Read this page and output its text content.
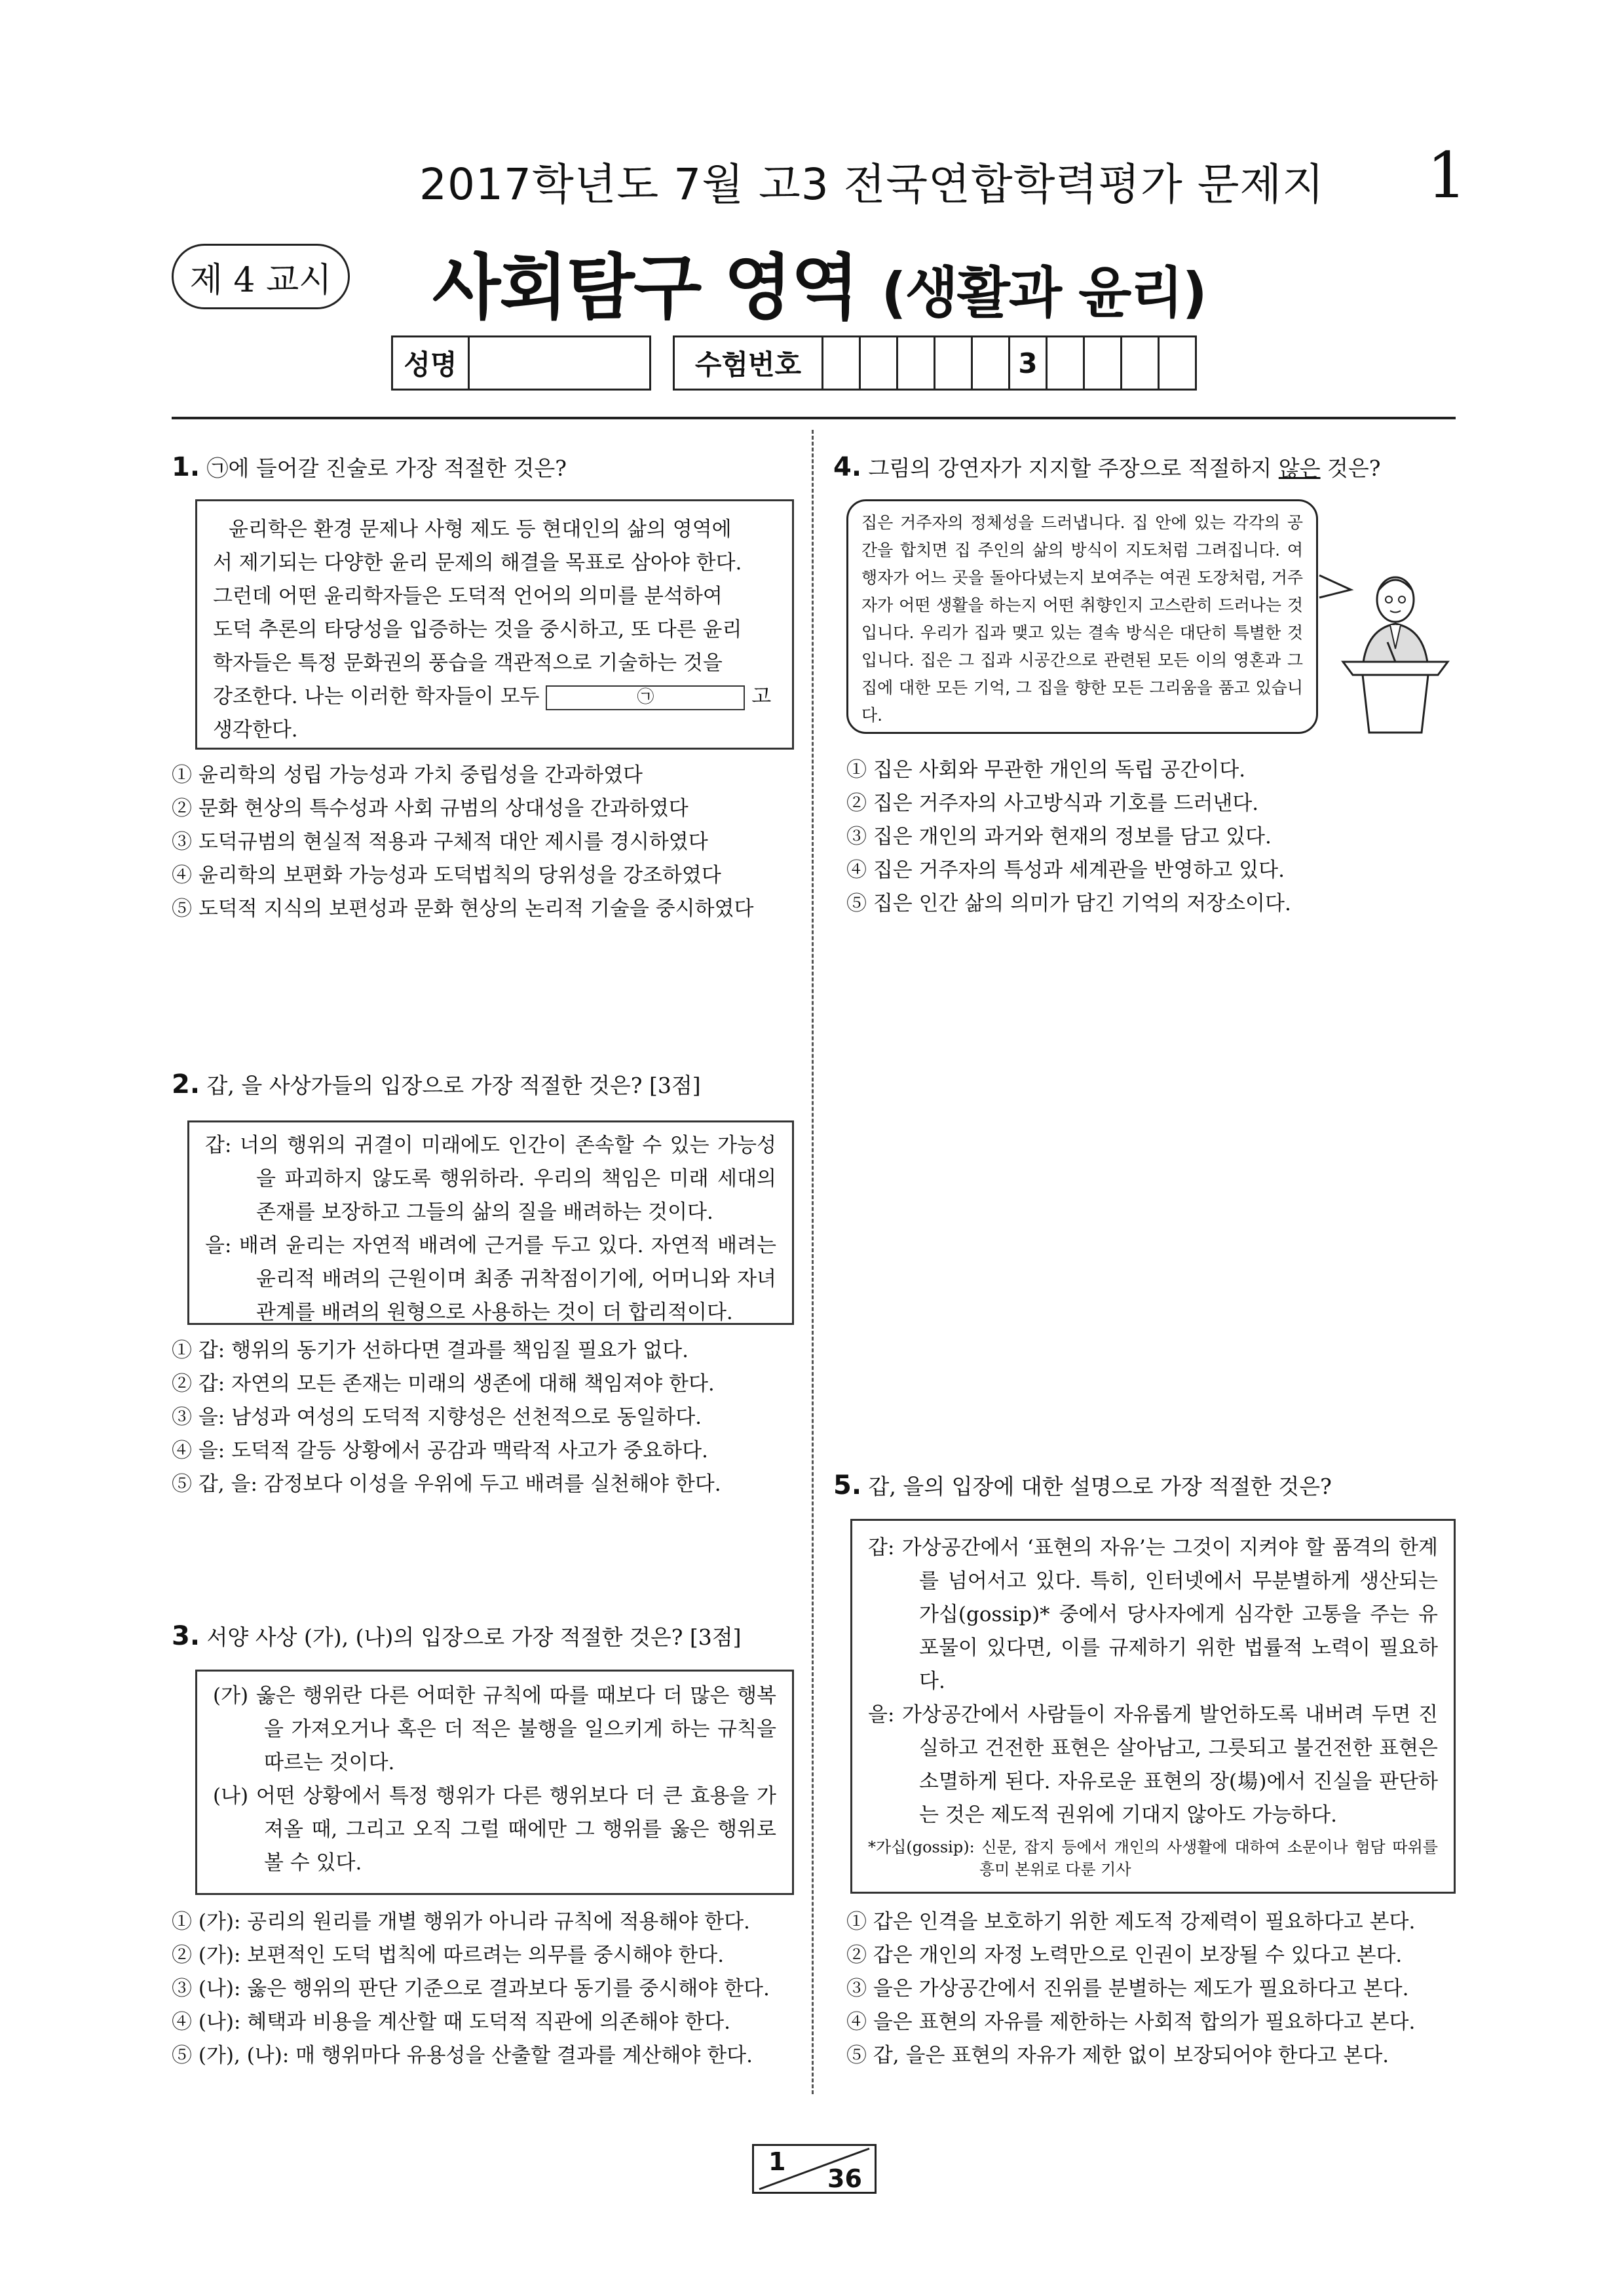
2017학년도 7월 고3 전국연합학력평가 문제지 1
제 4 교시 사회탐구 영역 (생활과 윤리)
성명	수험번호	3
1. ㉠에 들어갈 진술로 가장 적절한 것은?
윤리학은 환경 문제나 사형 제도 등 현대인의 삶의 영역에
서 제기되는 다양한 윤리 문제의 해결을 목표로 삼아야 한다.
그런데 어떤 윤리학자들은 도덕적 언어의 의미를 분석하여
도덕 추론의 타당성을 입증하는 것을 중시하고, 또 다른 윤리
학자들은 특정 문화권의 풍습을 객관적으로 기술하는 것을
강조한다. 나는 이러한 학자들이 모두	㉠	고
생각한다.
① 윤리학의 성립 가능성과 가치 중립성을 간과하였다
② 문화 현상의 특수성과 사회 규범의 상대성을 간과하였다
③ 도덕규범의 현실적 적용과 구체적 대안 제시를 경시하였다
④ 윤리학의 보편화 가능성과 도덕법칙의 당위성을 강조하였다
⑤ 도덕적 지식의 보편성과 문화 현상의 논리적 기술을 중시하였다
2. 갑, 을 사상가들의 입장으로 가장 적절한 것은? [3점]
갑: 너의 행위의 귀결이 미래에도 인간이 존속할 수 있는 가능성을 파괴하지 않도록 행위하라. 우리의 책임은 미래 세대의 존재를 보장하고 그들의 삶의 질을 배려하는 것이다.
을: 배려 윤리는 자연적 배려에 근거를 두고 있다. 자연적 배려는 윤리적 배려의 근원이며 최종 귀착점이기에, 어머니와 자녀 관계를 배려의 원형으로 사용하는 것이 더 합리적이다.
① 갑: 행위의 동기가 선하다면 결과를 책임질 필요가 없다.
② 갑: 자연의 모든 존재는 미래의 생존에 대해 책임져야 한다.
③ 을: 남성과 여성의 도덕적 지향성은 선천적으로 동일하다.
④ 을: 도덕적 갈등 상황에서 공감과 맥락적 사고가 중요하다.
⑤ 갑, 을: 감정보다 이성을 우위에 두고 배려를 실천해야 한다.
3. 서양 사상 (가), (나)의 입장으로 가장 적절한 것은? [3점]
(가) 옳은 행위란 다른 어떠한 규칙에 따를 때보다 더 많은 행복을 가져오거나 혹은 더 적은 불행을 일으키게 하는 규칙을 따르는 것이다.
(나) 어떤 상황에서 특정 행위가 다른 행위보다 더 큰 효용을 가져올 때, 그리고 오직 그럴 때에만 그 행위를 옳은 행위로 볼 수 있다.
① (가): 공리의 원리를 개별 행위가 아니라 규칙에 적용해야 한다.
② (가): 보편적인 도덕 법칙에 따르려는 의무를 중시해야 한다.
③ (나): 옳은 행위의 판단 기준으로 결과보다 동기를 중시해야 한다.
④ (나): 혜택과 비용을 계산할 때 도덕적 직관에 의존해야 한다.
⑤ (가), (나): 매 행위마다 유용성을 산출할 결과를 계산해야 한다.
4. 그림의 강연자가 지지할 주장으로 적절하지 않은 것은?
집은 거주자의 정체성을 드러냅니다. 집 안에 있는 각각의 공간을 합치면 집 주인의 삶의 방식이 지도처럼 그려집니다. 여행자가 어느 곳을 돌아다녔는지 보여주는 여권 도장처럼, 거주자가 어떤 생활을 하는지 어떤 취향인지 고스란히 드러나는 것입니다. 우리가 집과 맺고 있는 결속 방식은 대단히 특별한 것입니다. 집은 그 집과 시공간으로 관련된 모든 이의 영혼과 그 집에 대한 모든 기억, 그 집을 향한 모든 그리움을 품고 있습니다.
① 집은 사회와 무관한 개인의 독립 공간이다.
② 집은 거주자의 사고방식과 기호를 드러낸다.
③ 집은 개인의 과거와 현재의 정보를 담고 있다.
④ 집은 거주자의 특성과 세계관을 반영하고 있다.
⑤ 집은 인간 삶의 의미가 담긴 기억의 저장소이다.
5. 갑, 을의 입장에 대한 설명으로 가장 적절한 것은?
갑: 가상공간에서 ‘표현의 자유’는 그것이 지켜야 할 품격의 한계를 넘어서고 있다. 특히, 인터넷에서 무분별하게 생산되는 가십(gossip)* 중에서 당사자에게 심각한 고통을 주는 유포물이 있다면, 이를 규제하기 위한 법률적 노력이 필요하다.
을: 가상공간에서 사람들이 자유롭게 발언하도록 내버려 두면 진실하고 건전한 표현은 살아남고, 그릇되고 불건전한 표현은 소멸하게 된다. 자유로운 표현의 장(場)에서 진실을 판단하는 것은 제도적 권위에 기대지 않아도 가능하다.
*가십(gossip): 신문, 잡지 등에서 개인의 사생활에 대하여 소문이나 험담 따위를 흥미 본위로 다룬 기사
① 갑은 인격을 보호하기 위한 제도적 강제력이 필요하다고 본다.
② 갑은 개인의 자정 노력만으로 인권이 보장될 수 있다고 본다.
③ 을은 가상공간에서 진위를 분별하는 제도가 필요하다고 본다.
④ 을은 표현의 자유를 제한하는 사회적 합의가 필요하다고 본다.
⑤ 갑, 을은 표현의 자유가 제한 없이 보장되어야 한다고 본다.
1
36
